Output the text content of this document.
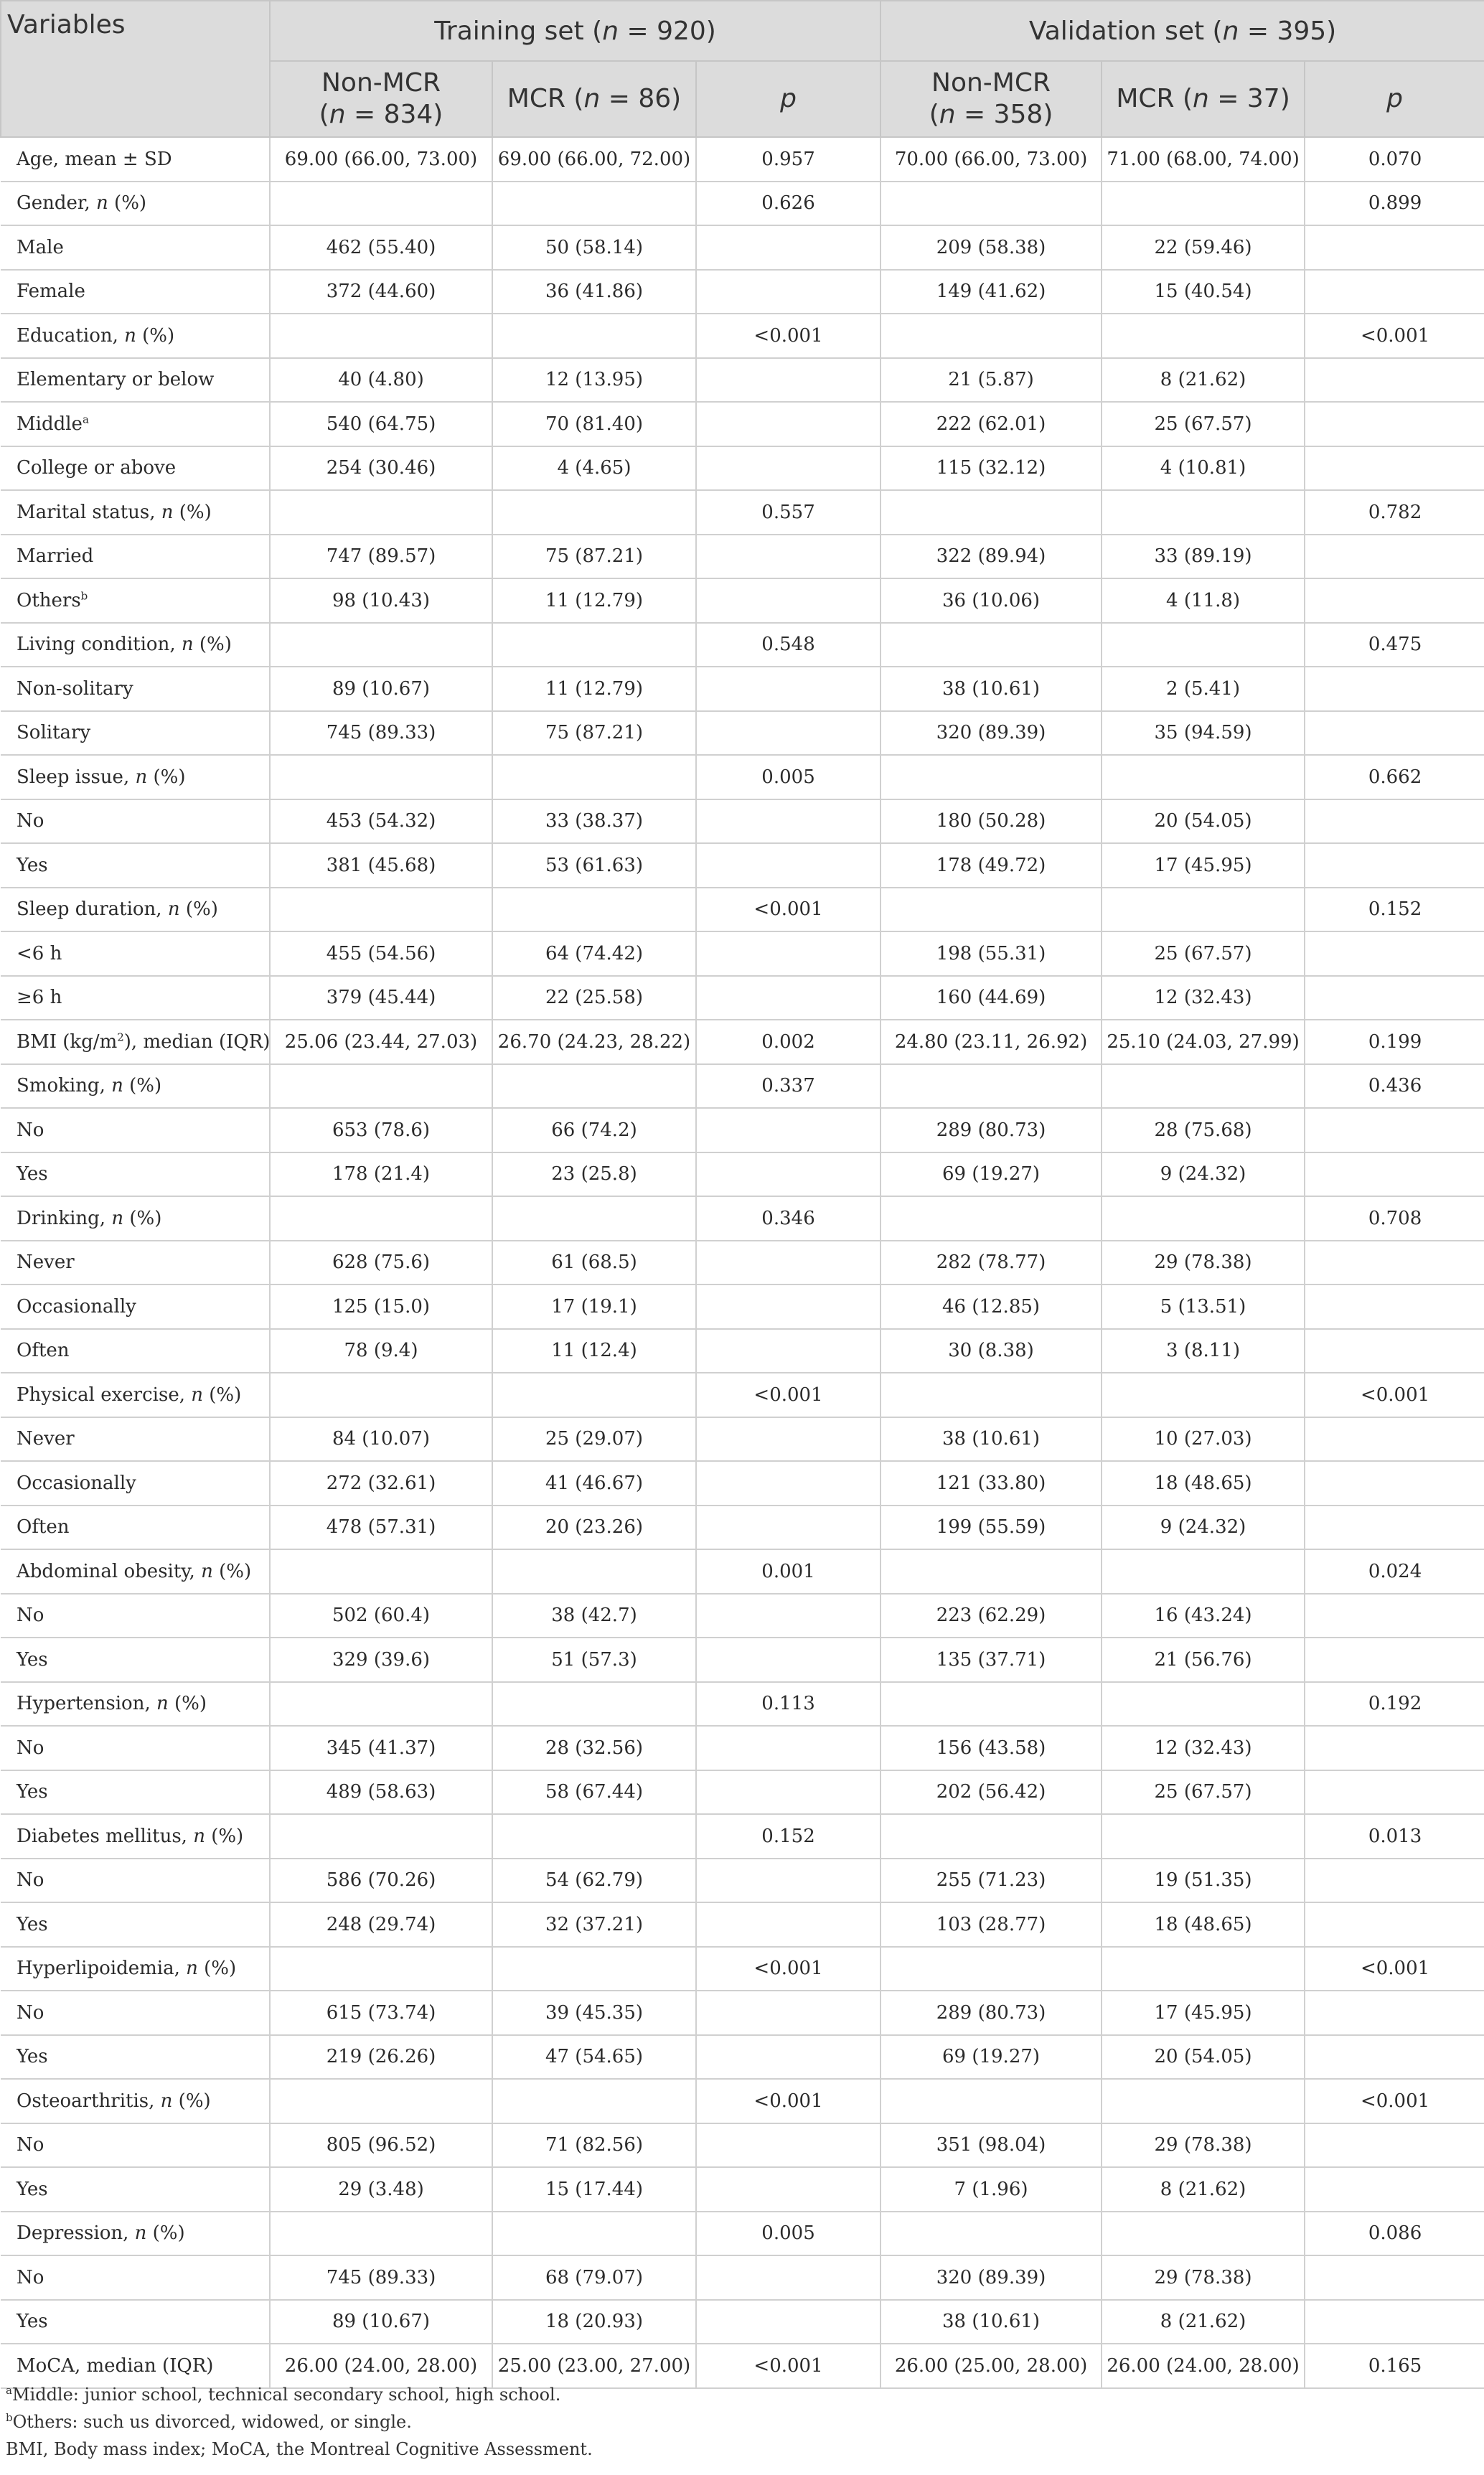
Variables	Training set (n = 920)			Validation set (n = 395)		
	Non-MCR
(n = 834)	MCR (n = 86)	p	Non-MCR
(n = 358)	MCR (n = 37)	p
Age, mean ± SD	69.00 (66.00, 73.00)	69.00 (66.00, 72.00)	0.957	70.00 (66.00, 73.00)	71.00 (68.00, 74.00)	0.070
Gender, n (%)			0.626			0.899
Male	462 (55.40)	50 (58.14)		209 (58.38)	22 (59.46)	
Female	372 (44.60)	36 (41.86)		149 (41.62)	15 (40.54)	
Education, n (%)			<0.001			<0.001
Elementary or below	40 (4.80)	12 (13.95)		21 (5.87)	8 (21.62)	
Middle$^a$	540 (64.75)	70 (81.40)		222 (62.01)	25 (67.57)	
College or above	254 (30.46)	4 (4.65)		115 (32.12)	4 (10.81)	
Marital status, n (%)			0.557			0.782
Married	747 (89.57)	75 (87.21)		322 (89.94)	33 (89.19)	
Others$^b$	98 (10.43)	11 (12.79)		36 (10.06)	4 (11.8)	
Living condition, n (%)			0.548			0.475
Non-solitary	89 (10.67)	11 (12.79)		38 (10.61)	2 (5.41)	
Solitary	745 (89.33)	75 (87.21)		320 (89.39)	35 (94.59)	
Sleep issue, n (%)			0.005			0.662
No	453 (54.32)	33 (38.37)		180 (50.28)	20 (54.05)	
Yes	381 (45.68)	53 (61.63)		178 (49.72)	17 (45.95)	
Sleep duration, n (%)			<0.001			0.152
<6 h	455 (54.56)	64 (74.42)		198 (55.31)	25 (67.57)	
≥6 h	379 (45.44)	22 (25.58)		160 (44.69)	12 (32.43)	
BMI $(kg/m^2)$, median (IQR)	25.06 (23.44, 27.03)	26.70 (24.23, 28.22)	0.002	24.80 (23.11, 26.92)	25.10 (24.03, 27.99)	0.199
Smoking, n (%)			0.337			0.436
No	653 (78.6)	66 (74.2)		289 (80.73)	28 (75.68)	
Yes	178 (21.4)	23 (25.8)		69 (19.27)	9 (24.32)	
Drinking, n (%)			0.346			0.708
Never	628 (75.6)	61 (68.5)		282 (78.77)	29 (78.38)	
Occasionally	125 (15.0)	17 (19.1)		46 (12.85)	5 (13.51)	
Often	78 (9.4)	11 (12.4)		30 (8.38)	3 (8.11)	
Physical exercise, n (%)			<0.001			<0.001
Never	84 (10.07)	25 (29.07)		38 (10.61)	10 (27.03)	
Occasionally	272 (32.61)	41 (46.67)		121 (33.80)	18 (48.65)	
Often	478 (57.31)	20 (23.26)		199 (55.59)	9 (24.32)	
Abdominal obesity, n (%)			0.001			0.024
No	502 (60.4)	38 (42.7)		223 (62.29)	16 (43.24)	
Yes	329 (39.6)	51 (57.3)		135 (37.71)	21 (56.76)	
Hypertension, n (%)			0.113			0.192
No	345 (41.37)	28 (32.56)		156 (43.58)	12 (32.43)	
Yes	489 (58.63)	58 (67.44)		202 (56.42)	25 (67.57)	
Diabetes mellitus, n (%)			0.152			0.013
No	586 (70.26)	54 (62.79)		255 (71.23)	19 (51.35)	
Yes	248 (29.74)	32 (37.21)		103 (28.77)	18 (48.65)	
Hyperlipoidemia, n (%)			<0.001			<0.001
No	615 (73.74)	39 (45.35)		289 (80.73)	17 (45.95)	
Yes	219 (26.26)	47 (54.65)		69 (19.27)	20 (54.05)	
Osteoarthritis, n (%)			<0.001			<0.001
No	805 (96.52)	71 (82.56)		351 (98.04)	29 (78.38)	
Yes	29 (3.48)	15 (17.44)		7 (1.96)	8 (21.62)	
Depression, n (%)			0.005			0.086
No	745 (89.33)	68 (79.07)		320 (89.39)	29 (78.38)	
Yes	89 (10.67)	18 (20.93)		38 (10.61)	8 (21.62)	
MoCA, median (IQR)	26.00 (24.00, 28.00)	25.00 (23.00, 27.00)	<0.001	26.00 (25.00, 28.00)	26.00 (24.00, 28.00)	0.165
$^a$Middle: junior school, technical secondary school, high school.
$^b$Others: such us divorced, widowed, or single.
BMI, Body mass index; MoCA, the Montreal Cognitive Assessment.
